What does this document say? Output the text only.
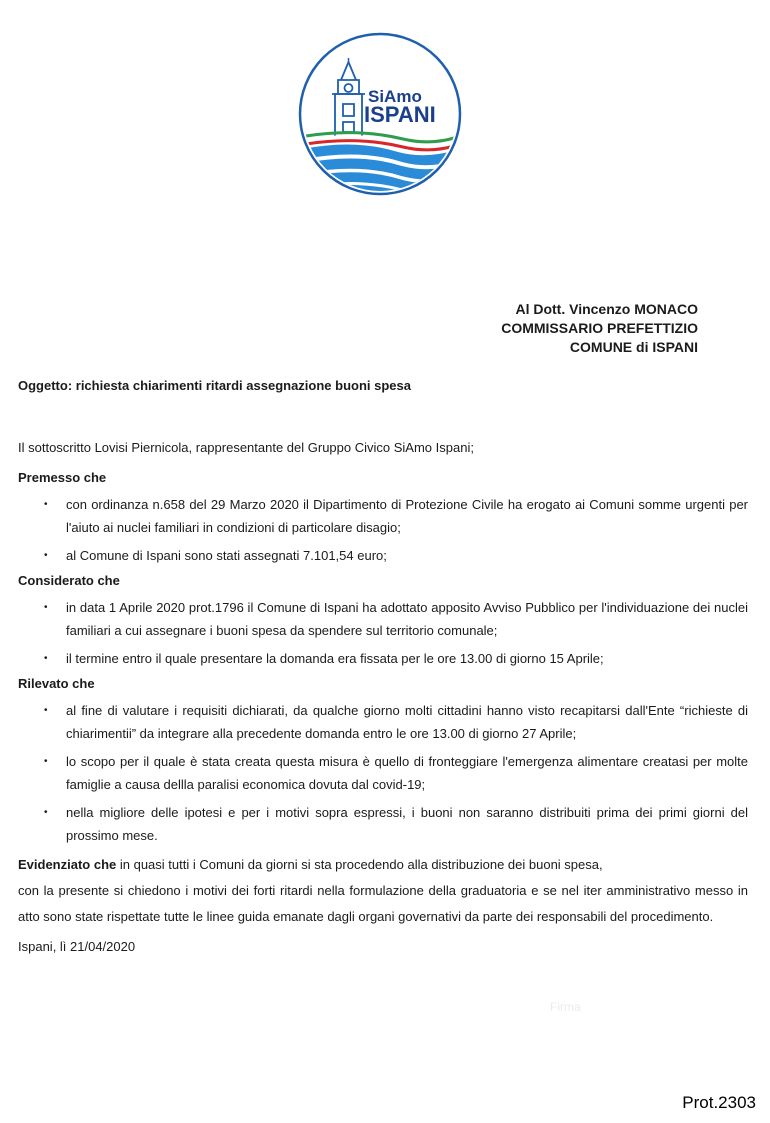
SiAmo
ISPANI
Al Dott. Vincenzo MONACO
COMMISSARIO PREFETTIZIO
COMUNE di ISPANI
Oggetto: richiesta chiarimenti ritardi assegnazione buoni spesa

Il sottoscritto Lovisi Piernicola, rappresentante del Gruppo Civico SiAmo Ispani;

Premesso che

• con ordinanza n.658 del 29 Marzo 2020 il Dipartimento di Protezione Civile ha erogato ai Comuni somme urgenti per l'aiuto ai nuclei familiari in condizioni di particolare disagio;
• al Comune di Ispani sono stati assegnati 7.101,54 euro;

Considerato che

• in data 1 Aprile 2020 prot.1796 il Comune di Ispani ha adottato apposito Avviso Pubblico per l'individuazione dei nuclei familiari a cui assegnare i buoni spesa da spendere sul territorio comunale;
• il termine entro il quale presentare la domanda era fissata per le ore 13.00 di giorno 15 Aprile;

Rilevato che

• al fine di valutare i requisiti dichiarati, da qualche giorno molti cittadini hanno visto recapitarsi dall'Ente “richieste di chiarimentii” da integrare alla precedente domanda entro le ore 13.00 di giorno 27 Aprile;
• lo scopo per il quale è stata creata questa misura è quello di fronteggiare l'emergenza alimentare creatasi per molte famiglie a causa dellla paralisi economica dovuta dal covid-19;
• nella migliore delle ipotesi e per i motivi sopra espressi, i buoni non saranno distribuiti prima dei primi giorni del prossimo mese.

Evidenziato che in quasi tutti i Comuni da giorni si sta procedendo alla distribuzione dei buoni spesa,
con la presente si chiedono i motivi dei forti ritardi nella formulazione della graduatoria e se nel iter amministrativo messo in atto sono state rispettate tutte le linee guida emanate dagli organi governativi da parte dei responsabili del procedimento.

Ispani, lì 21/04/2020

Firma
Prot.2303
